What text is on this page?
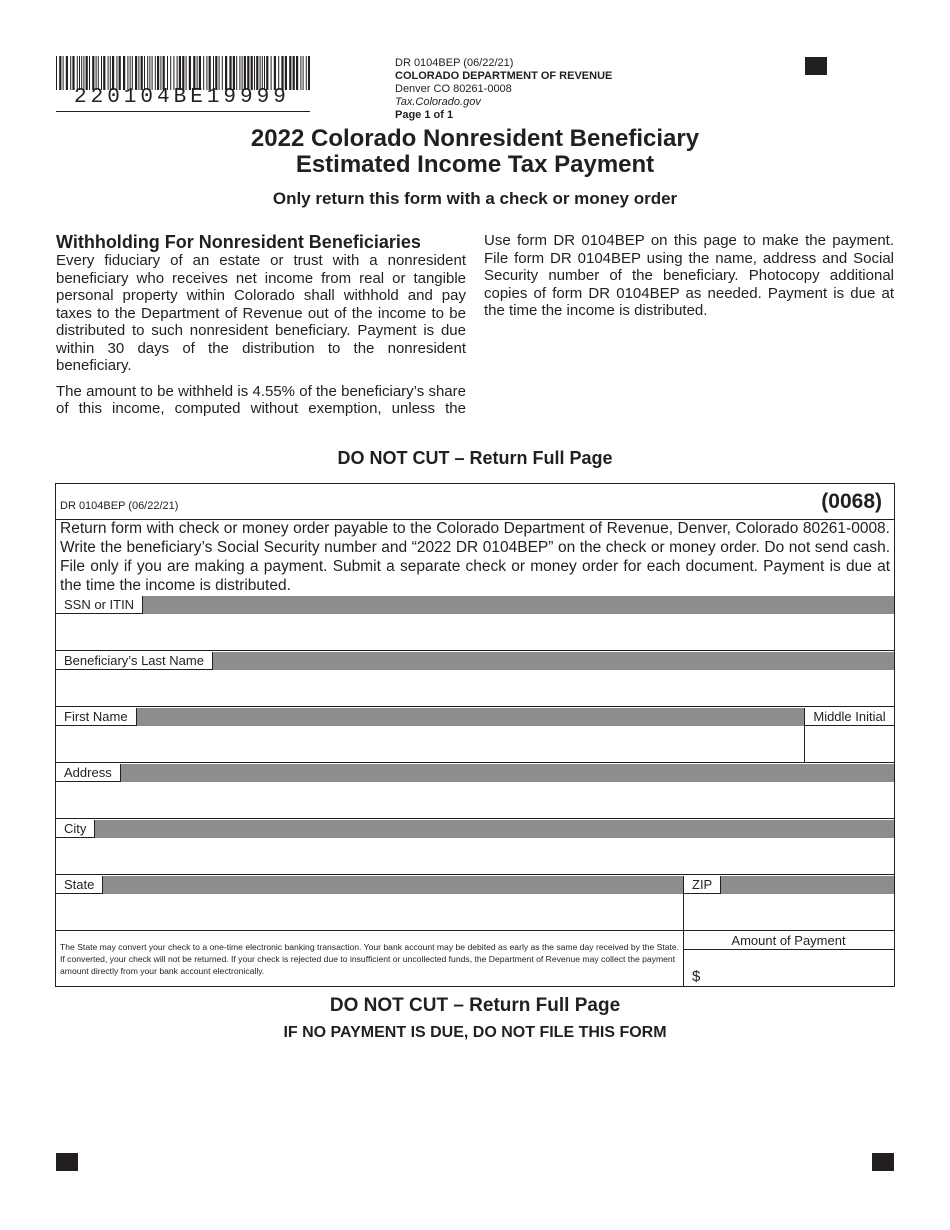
220104BE19999
DR 0104BEP (06/22/21)
COLORADO DEPARTMENT OF REVENUE
Denver CO 80261-0008
Tax.Colorado.gov
Page 1 of 1
2022 Colorado Nonresident Beneficiary
Estimated Income Tax Payment
Only return this form with a check or money order
Withholding For Nonresident Beneficiaries

Every fiduciary of an estate or trust with a nonresident beneficiary who receives net income from real or tangible personal property within Colorado shall withhold and pay taxes to the Department of Revenue out of the income to be distributed to such nonresident beneficiary. Payment is due within 30 days of the distribution to the nonresident beneficiary.

The amount to be withheld is 4.55% of the beneficiary’s share of this income, computed without exemption, unless the

Use form DR 0104BEP on this page to make the payment. File form DR 0104BEP using the name, address and Social Security number of the beneficiary. Photocopy additional copies of form DR 0104BEP as needed. Payment is due at the time the income is distributed.

DO NOT CUT – Return Full Page
DR 0104BEP (06/22/21)	(0068)
Return form with check or money order payable to the Colorado Department of Revenue, Denver, Colorado 80261-0008. Write the beneficiary’s Social Security number and “2022 DR 0104BEP” on the check or money order. Do not send cash. File only if you are making a payment. Submit a separate check or money order for each document. Payment is due at the time the income is distributed.
SSN or ITIN
Beneficiary’s Last Name
First Name	Middle Initial
Address
City
State	ZIP
The State may convert your check to a one-time electronic banking transaction. Your bank account may be debited as early as the same day received by the State. If converted, your check will not be returned. If your check is rejected due to insufficient or uncollected funds, the Department of Revenue may collect the payment amount directly from your bank account electronically.
Amount of Payment
$
DO NOT CUT – Return Full Page
IF NO PAYMENT IS DUE, DO NOT FILE THIS FORM
